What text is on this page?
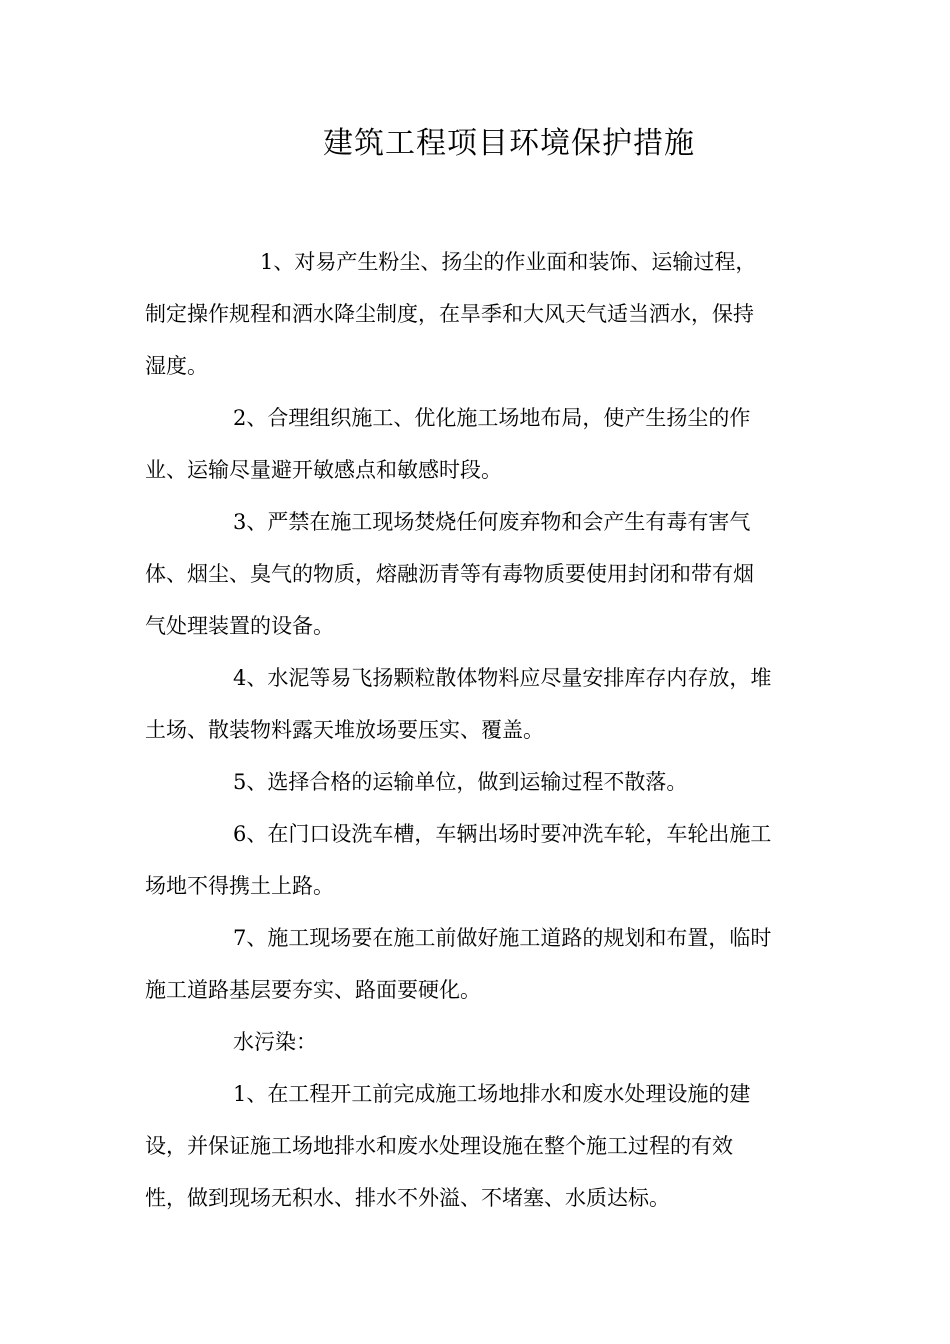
建筑工程项目环境保护措施
1、对易产生粉尘、扬尘的作业面和装饰、运输过程，
制定操作规程和洒水降尘制度，在旱季和大风天气适当洒水，保持
湿度。
2、合理组织施工、优化施工场地布局，使产生扬尘的作
业、运输尽量避开敏感点和敏感时段。
3、严禁在施工现场焚烧任何废弃物和会产生有毒有害气
体、烟尘、臭气的物质，熔融沥青等有毒物质要使用封闭和带有烟
气处理装置的设备。
4、水泥等易飞扬颗粒散体物料应尽量安排库存内存放，堆
土场、散装物料露天堆放场要压实、覆盖。
5、选择合格的运输单位，做到运输过程不散落。
6、在门口设洗车槽，车辆出场时要冲洗车轮，车轮出施工
场地不得携土上路。
7、施工现场要在施工前做好施工道路的规划和布置，临时
施工道路基层要夯实、路面要硬化。
水污染：
1、在工程开工前完成施工场地排水和废水处理设施的建
设，并保证施工场地排水和废水处理设施在整个施工过程的有效
性，做到现场无积水、排水不外溢、不堵塞、水质达标。
